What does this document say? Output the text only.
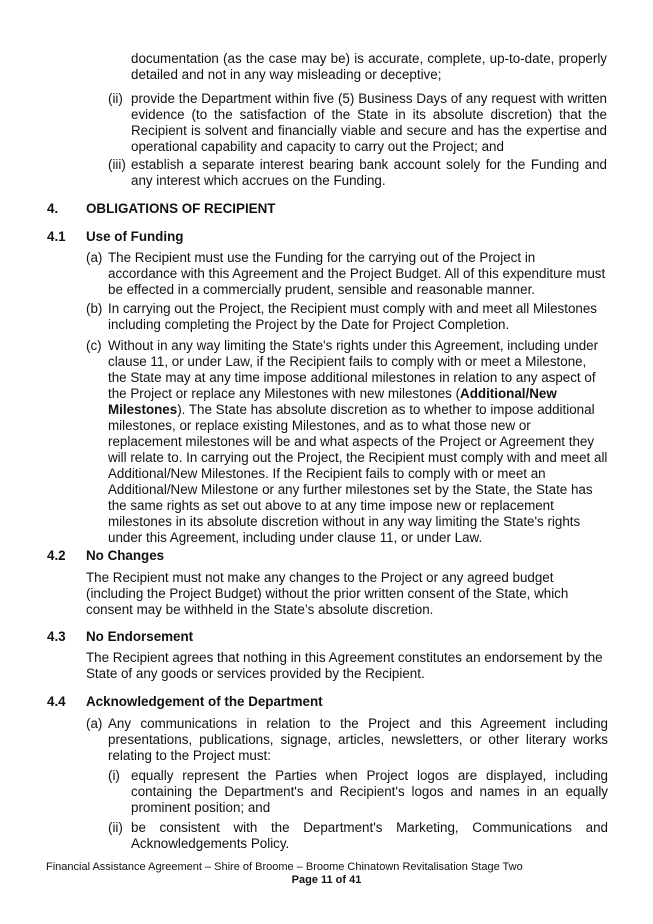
documentation (as the case may be) is accurate, complete, up-to-date, properly detailed and not in any way misleading or deceptive;

(ii) provide the Department within five (5) Business Days of any request with written evidence (to the satisfaction of the State in its absolute discretion) that the Recipient is solvent and financially viable and secure and has the expertise and operational capability and capacity to carry out the Project; and

(iii) establish a separate interest bearing bank account solely for the Funding and any interest which accrues on the Funding.

4. OBLIGATIONS OF RECIPIENT
4.1 Use of Funding
(a) The Recipient must use the Funding for the carrying out of the Project in accordance with this Agreement and the Project Budget. All of this expenditure must be effected in a commercially prudent, sensible and reasonable manner.

(b) In carrying out the Project, the Recipient must comply with and meet all Milestones including completing the Project by the Date for Project Completion.

(c) Without in any way limiting the State's rights under this Agreement, including under clause 11, or under Law, if the Recipient fails to comply with or meet a Milestone, the State may at any time impose additional milestones in relation to any aspect of the Project or replace any Milestones with new milestones (Additional/New Milestones). The State has absolute discretion as to whether to impose additional milestones, or replace existing Milestones, and as to what those new or replacement milestones will be and what aspects of the Project or Agreement they will relate to. In carrying out the Project, the Recipient must comply with and meet all Additional/New Milestones. If the Recipient fails to comply with or meet an Additional/New Milestone or any further milestones set by the State, the State has the same rights as set out above to at any time impose new or replacement milestones in its absolute discretion without in any way limiting the State's rights under this Agreement, including under clause 11, or under Law.

4.2 No Changes

The Recipient must not make any changes to the Project or any agreed budget (including the Project Budget) without the prior written consent of the State, which consent may be withheld in the State’s absolute discretion.

4.3 No Endorsement

The Recipient agrees that nothing in this Agreement constitutes an endorsement by the State of any goods or services provided by the Recipient.

4.4 Acknowledgement of the Department
(a) Any communications in relation to the Project and this Agreement including presentations, publications, signage, articles, newsletters, or other literary works relating to the Project must:

(i) equally represent the Parties when Project logos are displayed, including containing the Department's and Recipient's logos and names in an equally prominent position; and

(ii) be consistent with the Department's Marketing, Communications and Acknowledgements Policy.

Financial Assistance Agreement – Shire of Broome – Broome Chinatown Revitalisation Stage Two
Page 11 of 41
